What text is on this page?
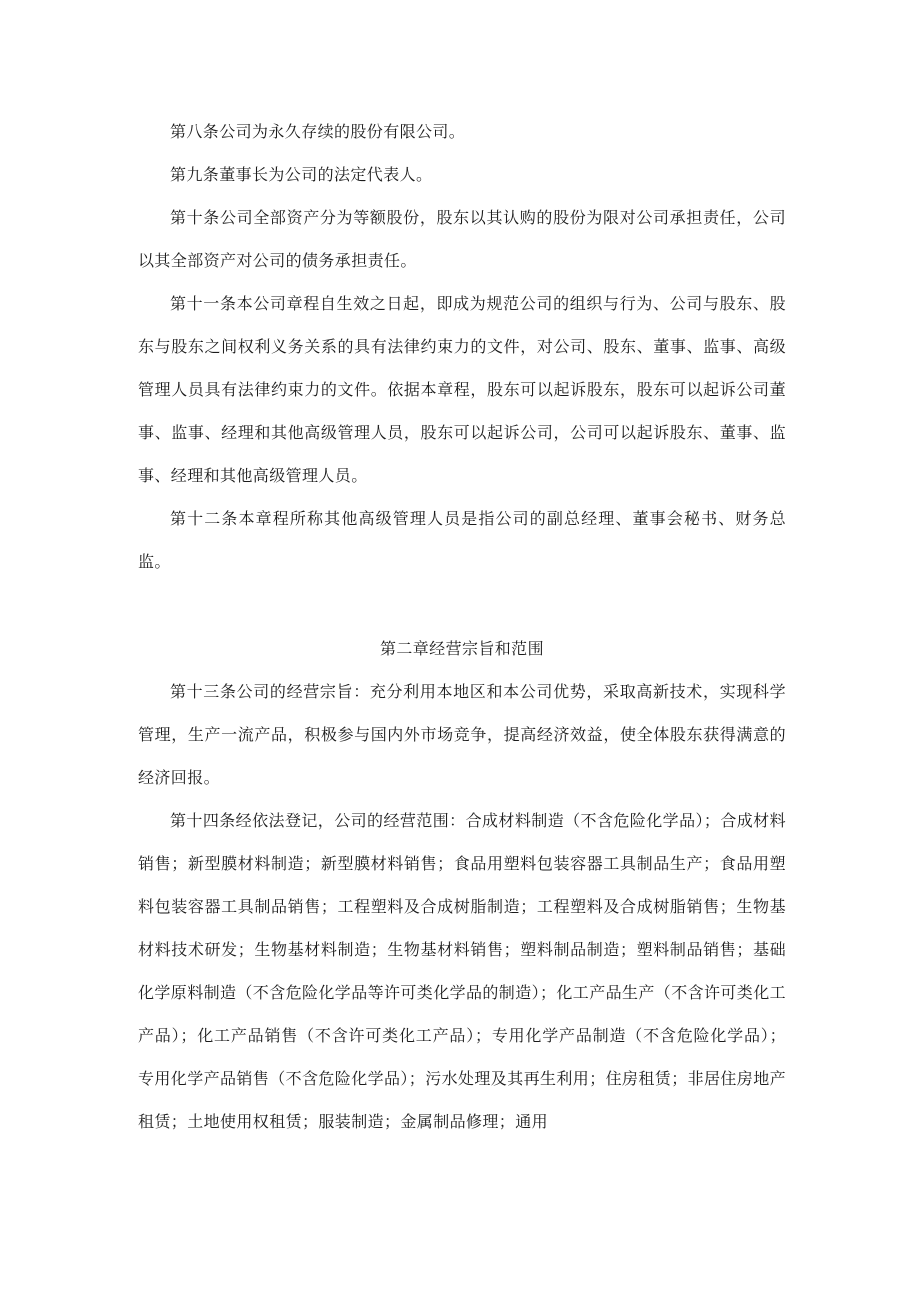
第八条公司为永久存续的股份有限公司。

第九条董事长为公司的法定代表人。

第十条公司全部资产分为等额股份，股东以其认购的股份为限对公司承担责任，公司以其全部资产对公司的债务承担责任。

第十一条本公司章程自生效之日起，即成为规范公司的组织与行为、公司与股东、股东与股东之间权利义务关系的具有法律约束力的文件，对公司、股东、董事、监事、高级管理人员具有法律约束力的文件。依据本章程，股东可以起诉股东，股东可以起诉公司董事、监事、经理和其他高级管理人员，股东可以起诉公司，公司可以起诉股东、董事、监事、经理和其他高级管理人员。

第十二条本章程所称其他高级管理人员是指公司的副总经理、董事会秘书、财务总监。

第二章经营宗旨和范围

第十三条公司的经营宗旨：充分利用本地区和本公司优势，采取高新技术，实现科学管理，生产一流产品，积极参与国内外市场竞争，提高经济效益，使全体股东获得满意的经济回报。

第十四条经依法登记，公司的经营范围：合成材料制造（不含危险化学品）；合成材料销售；新型膜材料制造；新型膜材料销售；食品用塑料包装容器工具制品生产；食品用塑料包装容器工具制品销售；工程塑料及合成树脂制造；工程塑料及合成树脂销售；生物基材料技术研发；生物基材料制造；生物基材料销售；塑料制品制造；塑料制品销售；基础化学原料制造（不含危险化学品等许可类化学品的制造）；化工产品生产（不含许可类化工产品）；化工产品销售（不含许可类化工产品）；专用化学产品制造（不含危险化学品）；专用化学产品销售（不含危险化学品）；污水处理及其再生利用；住房租赁；非居住房地产租赁；土地使用权租赁；服装制造；金属制品修理；通用
